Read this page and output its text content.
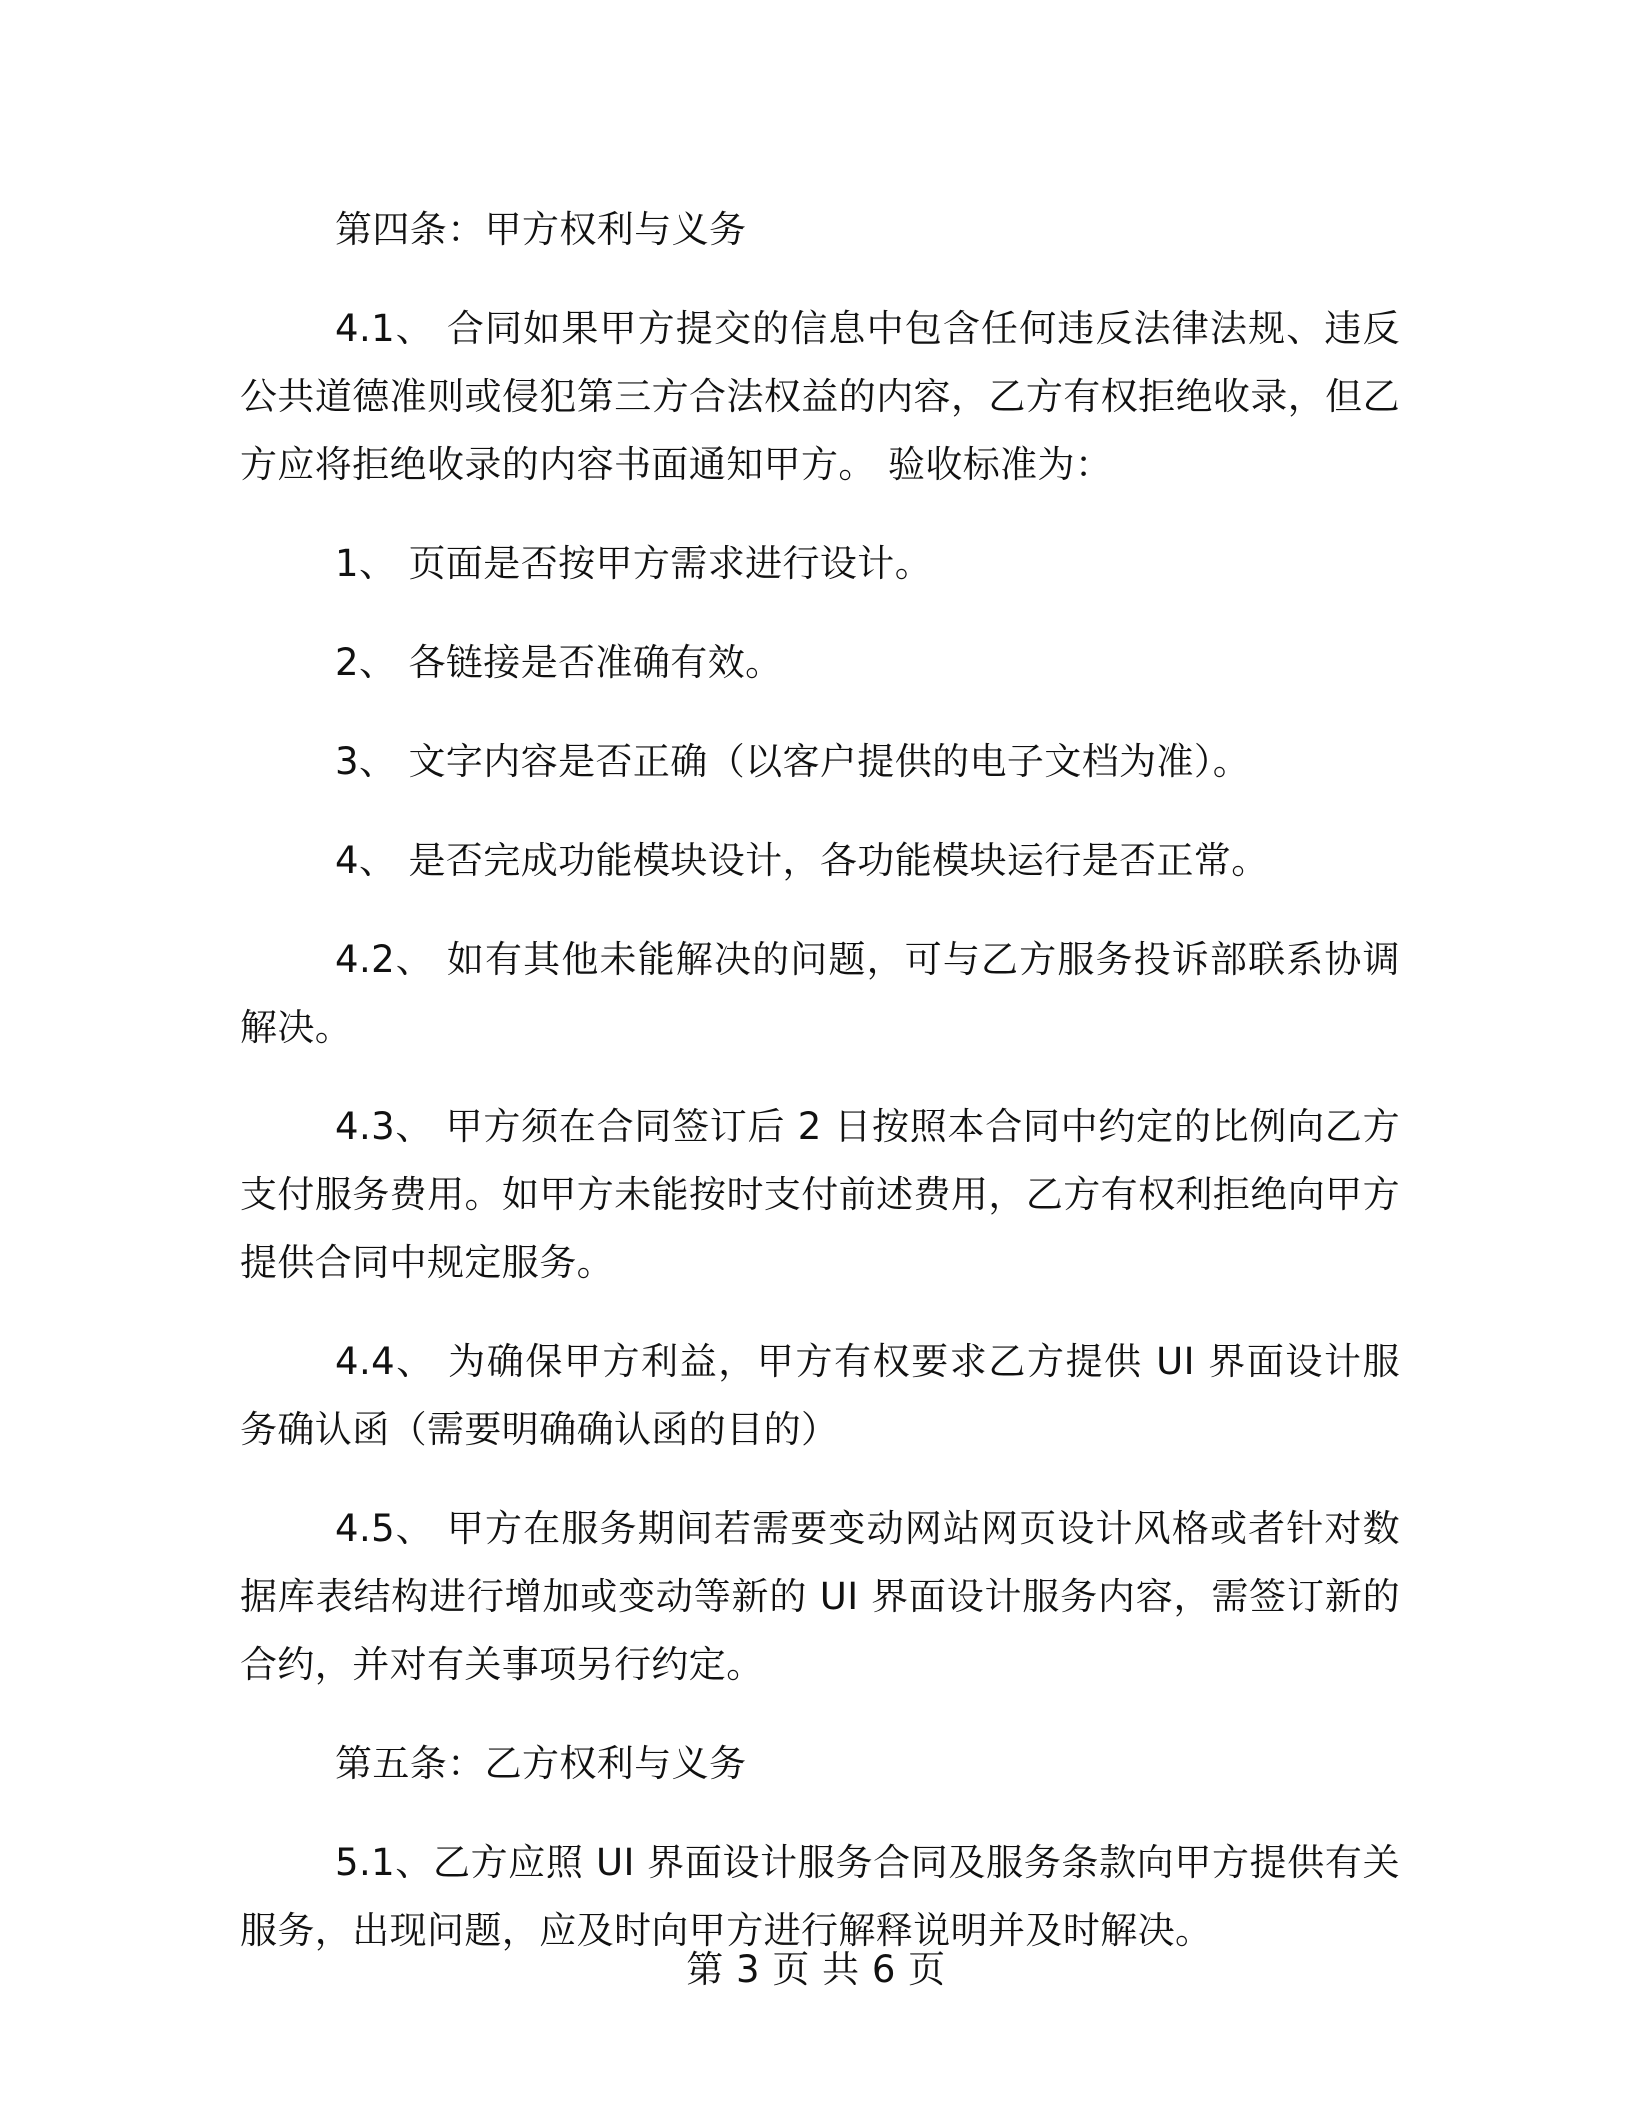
第四条：甲方权利与义务

4.1、 合同如果甲方提交的信息中包含任何违反法律法规、违反公共道德准则或侵犯第三方合法权益的内容，乙方有权拒绝收录，但乙方应将拒绝收录的内容书面通知甲方。 验收标准为：

1、 页面是否按甲方需求进行设计。

2、 各链接是否准确有效。

3、 文字内容是否正确（以客户提供的电子文档为准）。

4、 是否完成功能模块设计，各功能模块运行是否正常。

4.2、 如有其他未能解决的问题，可与乙方服务投诉部联系协调解决。

4.3、 甲方须在合同签订后 2 日按照本合同中约定的比例向乙方支付服务费用。如甲方未能按时支付前述费用，乙方有权利拒绝向甲方提供合同中规定服务。

4.4、 为确保甲方利益，甲方有权要求乙方提供 UI 界面设计服务确认函（需要明确确认函的目的）

4.5、 甲方在服务期间若需要变动网站网页设计风格或者针对数据库表结构进行增加或变动等新的 UI 界面设计服务内容，需签订新的合约，并对有关事项另行约定。

第五条：乙方权利与义务

5.1、乙方应照 UI 界面设计服务合同及服务条款向甲方提供有关服务，出现问题，应及时向甲方进行解释说明并及时解决。

第 3 页 共 6 页
